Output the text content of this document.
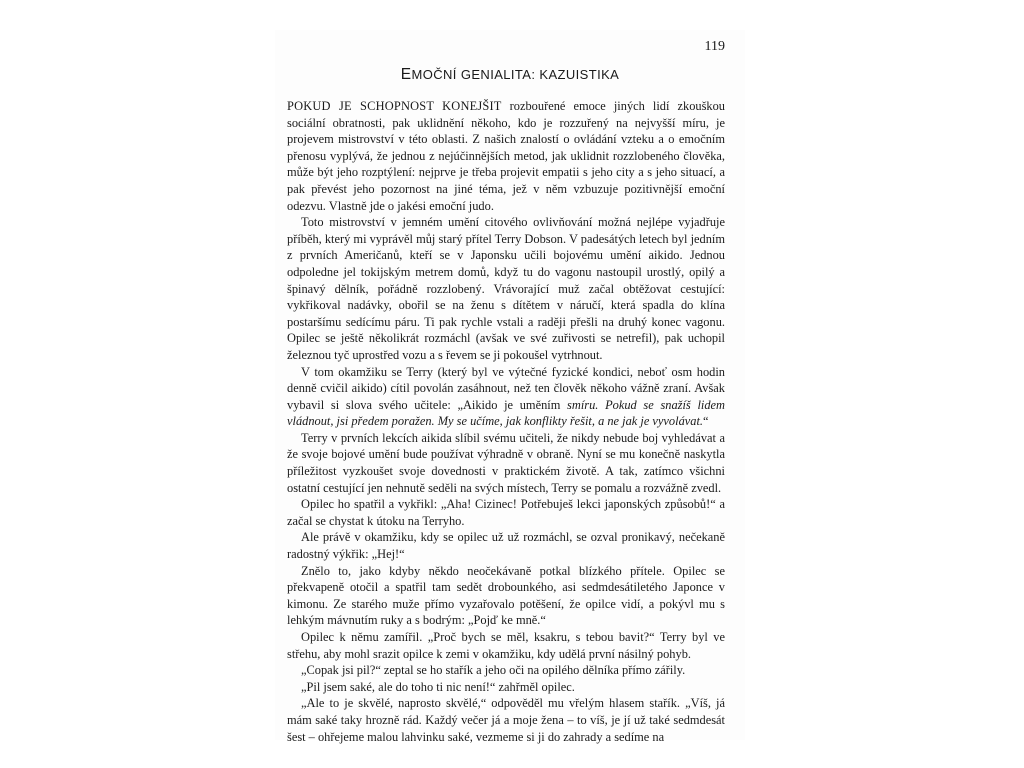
119
EMOČNÍ GENIALITA: KAZUISTIKA

POKUD JE SCHOPNOST KONEJŠIT rozbouřené emoce jiných lidí zkouškou sociální obratnosti, pak uklidnění někoho, kdo je rozzuřený na nejvyšší míru, je projevem mistrovství v této oblasti. Z našich znalostí o ovládání vzteku a o emočním přenosu vyplývá, že jednou z nejúčinnějších metod, jak uklidnit rozzlobeného člověka, může být jeho rozptýlení: nejprve je třeba projevit empatii s jeho city a s jeho situací, a pak převést jeho pozornost na jiné téma, jež v něm vzbuzuje pozitivnější emoční odezvu. Vlastně jde o jakési emoční judo.

Toto mistrovství v jemném umění citového ovlivňování možná nejlépe vyjadřuje příběh, který mi vyprávěl můj starý přítel Terry Dobson. V padesátých letech byl jedním z prvních Američanů, kteří se v Japonsku učili bojovému umění aikido. Jednou odpoledne jel tokijským metrem domů, když tu do vagonu nastoupil urostlý, opilý a špinavý dělník, pořádně rozzlobený. Vrávorající muž začal obtěžovat cestující: vykřikoval nadávky, obořil se na ženu s dítětem v náručí, která spadla do klína postaršímu sedícímu páru. Ti pak rychle vstali a raději přešli na druhý konec vagonu. Opilec se ještě několikrát rozmáchl (avšak ve své zuřivosti se netrefil), pak uchopil železnou tyč uprostřed vozu a s řevem se ji pokoušel vytrhnout.

V tom okamžiku se Terry (který byl ve výtečné fyzické kondici, neboť osm hodin denně cvičil aikido) cítil povolán zasáhnout, než ten člověk někoho vážně zraní. Avšak vybavil si slova svého učitele: „Aikido je uměním smíru. Pokud se snažíš lidem vládnout, jsi předem poražen. My se učíme, jak konflikty řešit, a ne jak je vyvolávat.“

Terry v prvních lekcích aikida slíbil svému učiteli, že nikdy nebude boj vyhledávat a že svoje bojové umění bude používat výhradně v obraně. Nyní se mu konečně naskytla příležitost vyzkoušet svoje dovednosti v praktickém životě. A tak, zatímco všichni ostatní cestující jen nehnutě seděli na svých místech, Terry se pomalu a rozvážně zvedl.

Opilec ho spatřil a vykřikl: „Aha! Cizinec! Potřebuješ lekci japonských způsobů!“ a začal se chystat k útoku na Terryho.

Ale právě v okamžiku, kdy se opilec už už rozmáchl, se ozval pronikavý, nečekaně radostný výkřik: „Hej!“

Znělo to, jako kdyby někdo neočekávaně potkal blízkého přítele. Opilec se překvapeně otočil a spatřil tam sedět drobounkého, asi sedmdesátiletého Japonce v kimonu. Ze starého muže přímo vyzařovalo potěšení, že opilce vidí, a pokývl mu s lehkým mávnutím ruky a s bodrým: „Pojď ke mně.“

Opilec k němu zamířil. „Proč bych se měl, ksakru, s tebou bavit?“ Terry byl ve střehu, aby mohl srazit opilce k zemi v okamžiku, kdy udělá první násilný pohyb.

„Copak jsi pil?“ zeptal se ho stařík a jeho oči na opilého dělníka přímo zářily.

„Pil jsem saké, ale do toho ti nic není!“ zahřměl opilec.

„Ale to je skvělé, naprosto skvělé,“ odpověděl mu vřelým hlasem stařík. „Víš, já mám saké taky hrozně rád. Každý večer já a moje žena – to víš, je jí už také sedmdesát šest – ohřejeme malou lahvinku saké, vezmeme si ji do zahrady a sedíme na
